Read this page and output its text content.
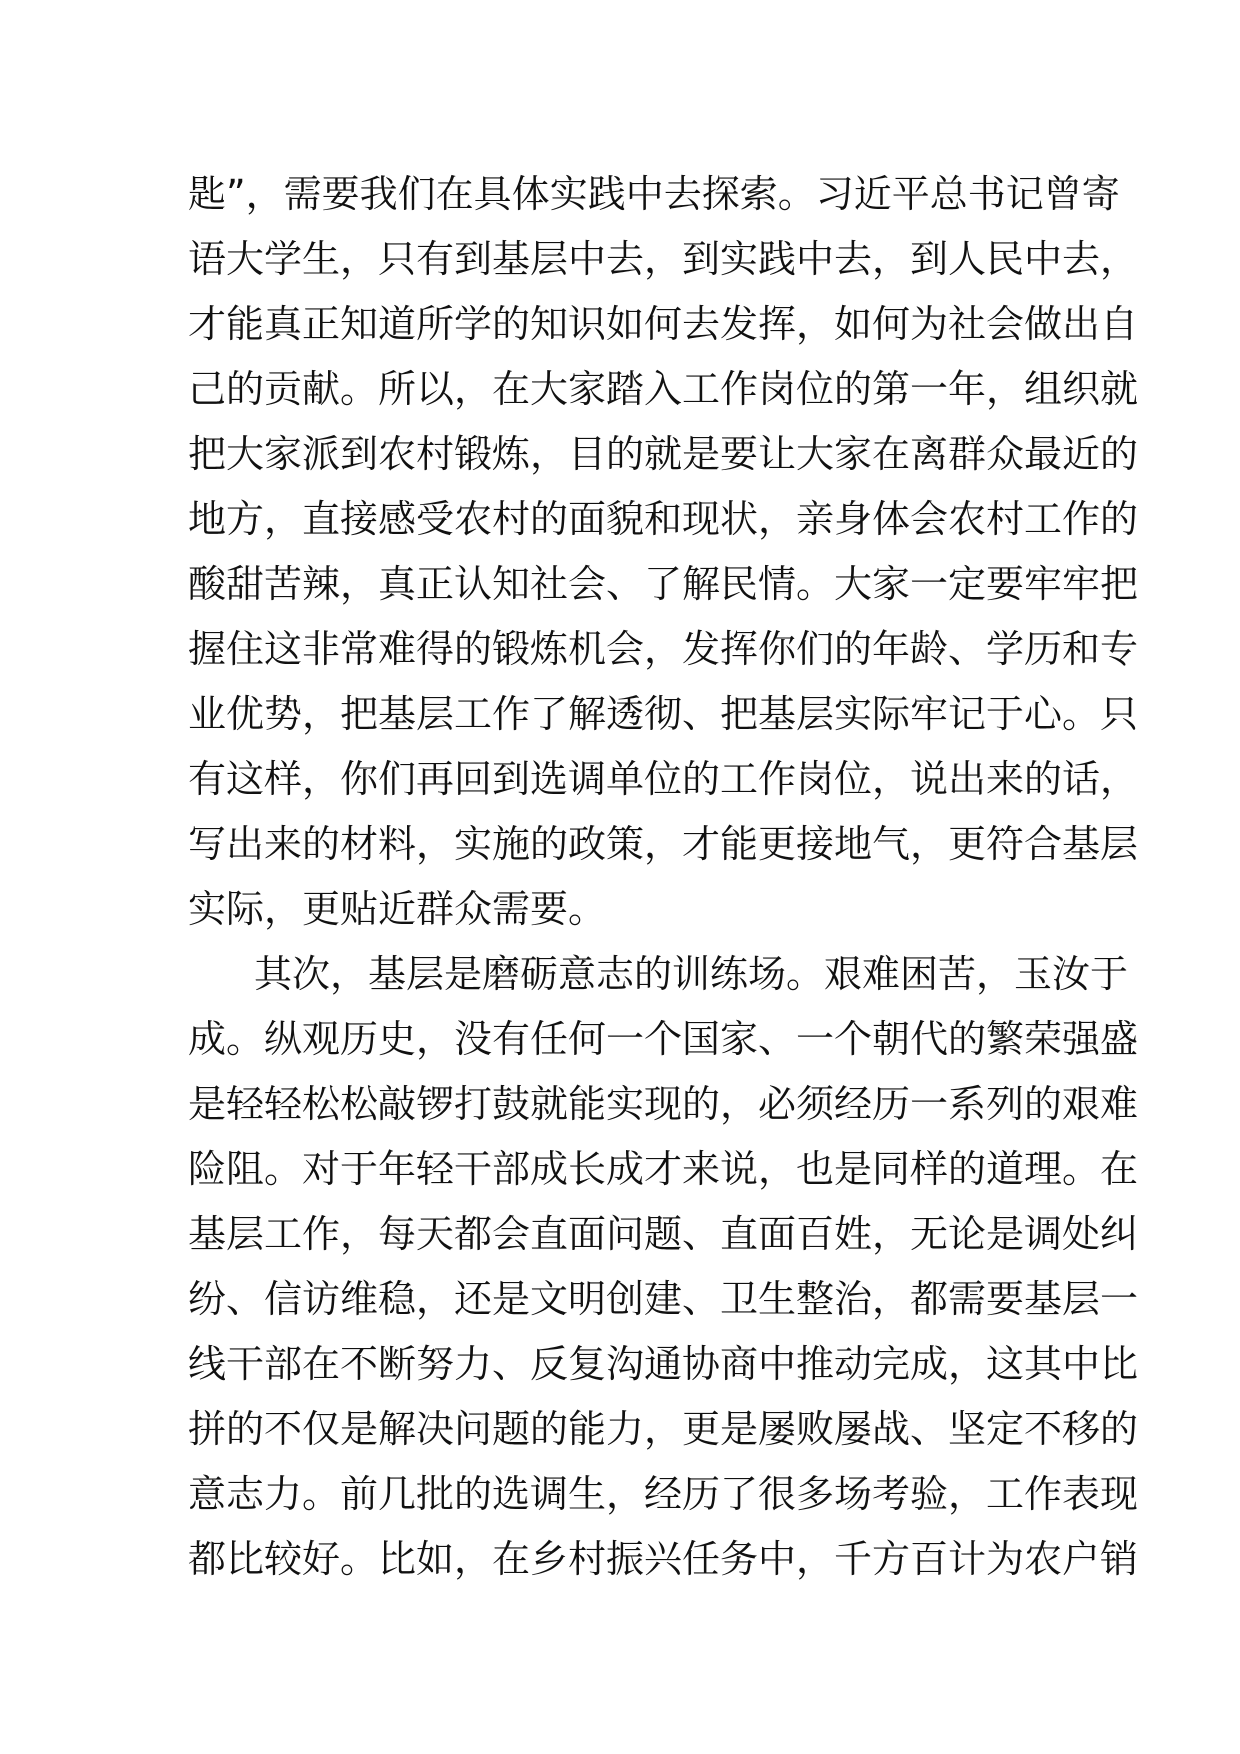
匙”，需要我们在具体实践中去探索。习近平总书记曾寄
语大学生，只有到基层中去，到实践中去，到人民中去，
才能真正知道所学的知识如何去发挥，如何为社会做出自
己的贡献。所以，在大家踏入工作岗位的第一年，组织就
把大家派到农村锻炼，目的就是要让大家在离群众最近的
地方，直接感受农村的面貌和现状，亲身体会农村工作的
酸甜苦辣，真正认知社会、了解民情。大家一定要牢牢把
握住这非常难得的锻炼机会，发挥你们的年龄、学历和专
业优势，把基层工作了解透彻、把基层实际牢记于心。只
有这样，你们再回到选调单位的工作岗位，说出来的话，
写出来的材料，实施的政策，才能更接地气，更符合基层
实际，更贴近群众需要。
其次，基层是磨砺意志的训练场。艰难困苦，玉汝于
成。纵观历史，没有任何一个国家、一个朝代的繁荣强盛
是轻轻松松敲锣打鼓就能实现的，必须经历一系列的艰难
险阻。对于年轻干部成长成才来说，也是同样的道理。在
基层工作，每天都会直面问题、直面百姓，无论是调处纠
纷、信访维稳，还是文明创建、卫生整治，都需要基层一
线干部在不断努力、反复沟通协商中推动完成，这其中比
拼的不仅是解决问题的能力，更是屡败屡战、坚定不移的
意志力。前几批的选调生，经历了很多场考验，工作表现
都比较好。比如，在乡村振兴任务中，千方百计为农户销
